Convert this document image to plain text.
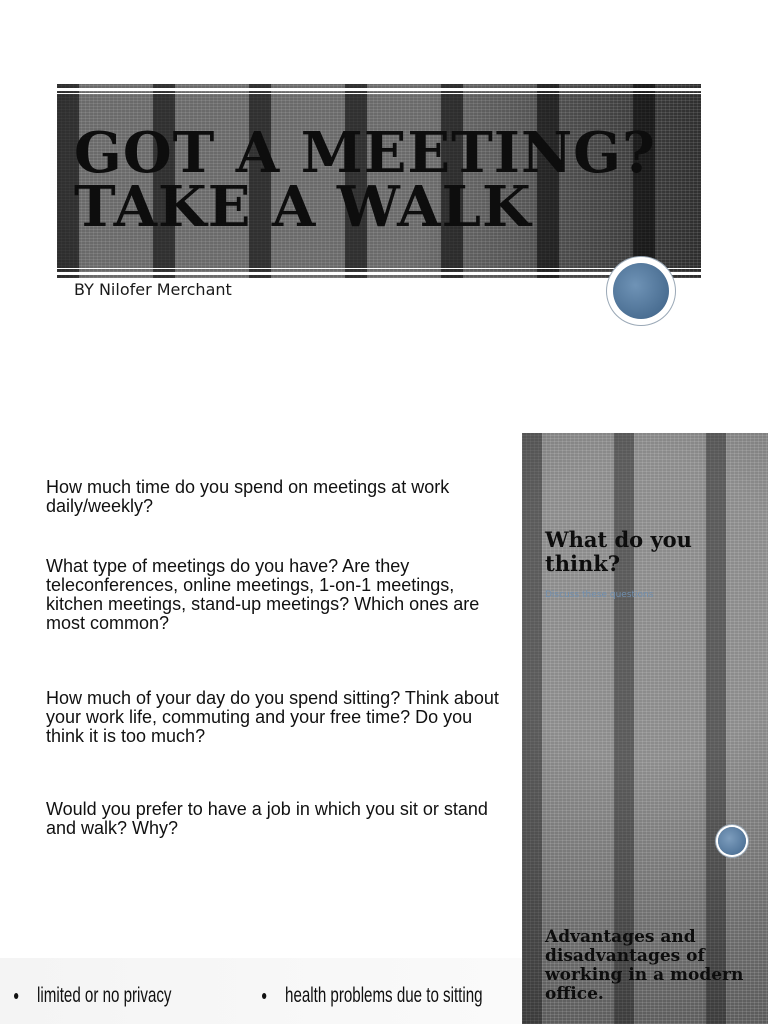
GOT A MEETING?
TAKE A WALK
BY Nilofer Merchant

How much time do you spend on meetings at work daily/weekly?

What type of meetings do you have? Are they teleconferences, online meetings, 1-on-1 meetings, kitchen meetings, stand-up meetings? Which ones are most common?

How much of your day do you spend sitting? Think about your work life, commuting and your free time? Do you think it is too much?

Would you prefer to have a job in which you sit or stand and walk? Why?

What do you think?
Discuss these questions
Advantages and disadvantages of working in a modern office.
limited or no privacy	health problems due to sitting
